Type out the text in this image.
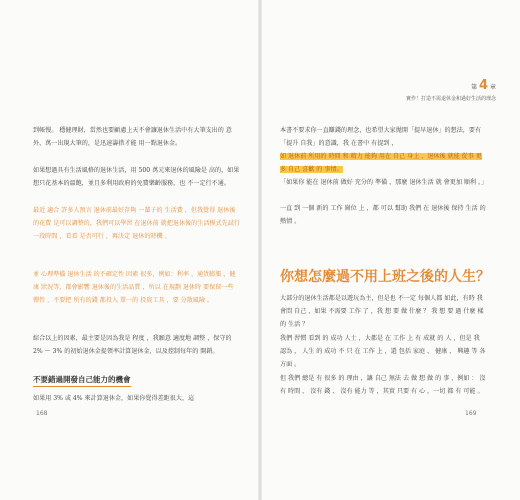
到帳慢。 穩健理財，當然也要顧慮上天不會讓退休生活中有大筆支出的 意外，萬一出現大筆的，是迅速籌措才能 用一點退休金。
如果想過具有生活風格的退休生活，用 500 萬元來退休的風險是 高的，如果想只花基本的溫飽，並且多利用政府的免費樂齡服務，也 不一定行不通。
最近 適合 許多人預言 退休前最好存夠 一輩子的 生活費 ，但我覺得 退休後的花費 是可以調整的，我們可以學習 在退休前 就把退休後的生活模式先試行 一段時間 ，看看 是否可行 ，再決定 退休的時機 。
並 心理準備 退休生活 的不確定性 因素 很多，例如：利率 、通貨膨脹 、健康 狀況等，都會影響 退休後的生活品質 ，所以 在規劃 退休時 要保留一些 彈性 ，不要把 所有的錢 都投入 單一的 投資工具 ，要 分散風險 。
綜合以上的因素，最主要是因為我是 程度 ，我願意 適度地 調整 ，保守的 2% ～ 3% 的初始退休金提領率計算退休金，以及控制每年的 開銷。
不要錯過開發自己能力的機會
如果用 3% 或 4% 來計算退休金，如果你覺得差距很大，這
168
第 4 章
實作！打造不需退休金和過好生活的理念
本書不要求你一直賺錢的理念，也希望大家拋開「提早退休」的想法，要有「提升 自我」的意識，我 在書中 有提到 ，
如 退休前 所用的 時間 和 精力 能夠 用在 自己 身上 ，退休後 就能 從事 更多 自己 喜歡 的 事情。
「如果你 能在 退休前 做好 充分的 準備 ，那麼 退休生活 就 會更加 順利 。」
一直 到 一個 新的 工作 崗位 上 ，都 可以 幫助 我們 在 退休後 保持 生活 的 熱情 。
你想怎麼過不用上班之後的人生？
大部分的退休生活都是以遊玩為主，但是也 不一定 每個人都 如此，有時 我 會問 自己 ，如果 不需要 工作 了 ，我 想 要 做 什麼 ？ 我 想 要 過 什麼 樣 的 生活 ？
我們 習慣 看到 的 成功 人士 ，大都是 在 工作 上 有 成就 的 人 ，但是 我 認為 ， 人生 的 成功 不 只 在 工作 上 ，還 包括 家庭 、 健康 、 興趣 等 各 方面 。
但 我們 總是 有 很多 的 理由 ，讓 自己 無法 去 做 想 做 的 事 ，例如 ： 沒有 時間 、 沒有 錢 、 沒有 能力 等 ，其實 只要 有 心 ，一切 都 有 可能 。
169
